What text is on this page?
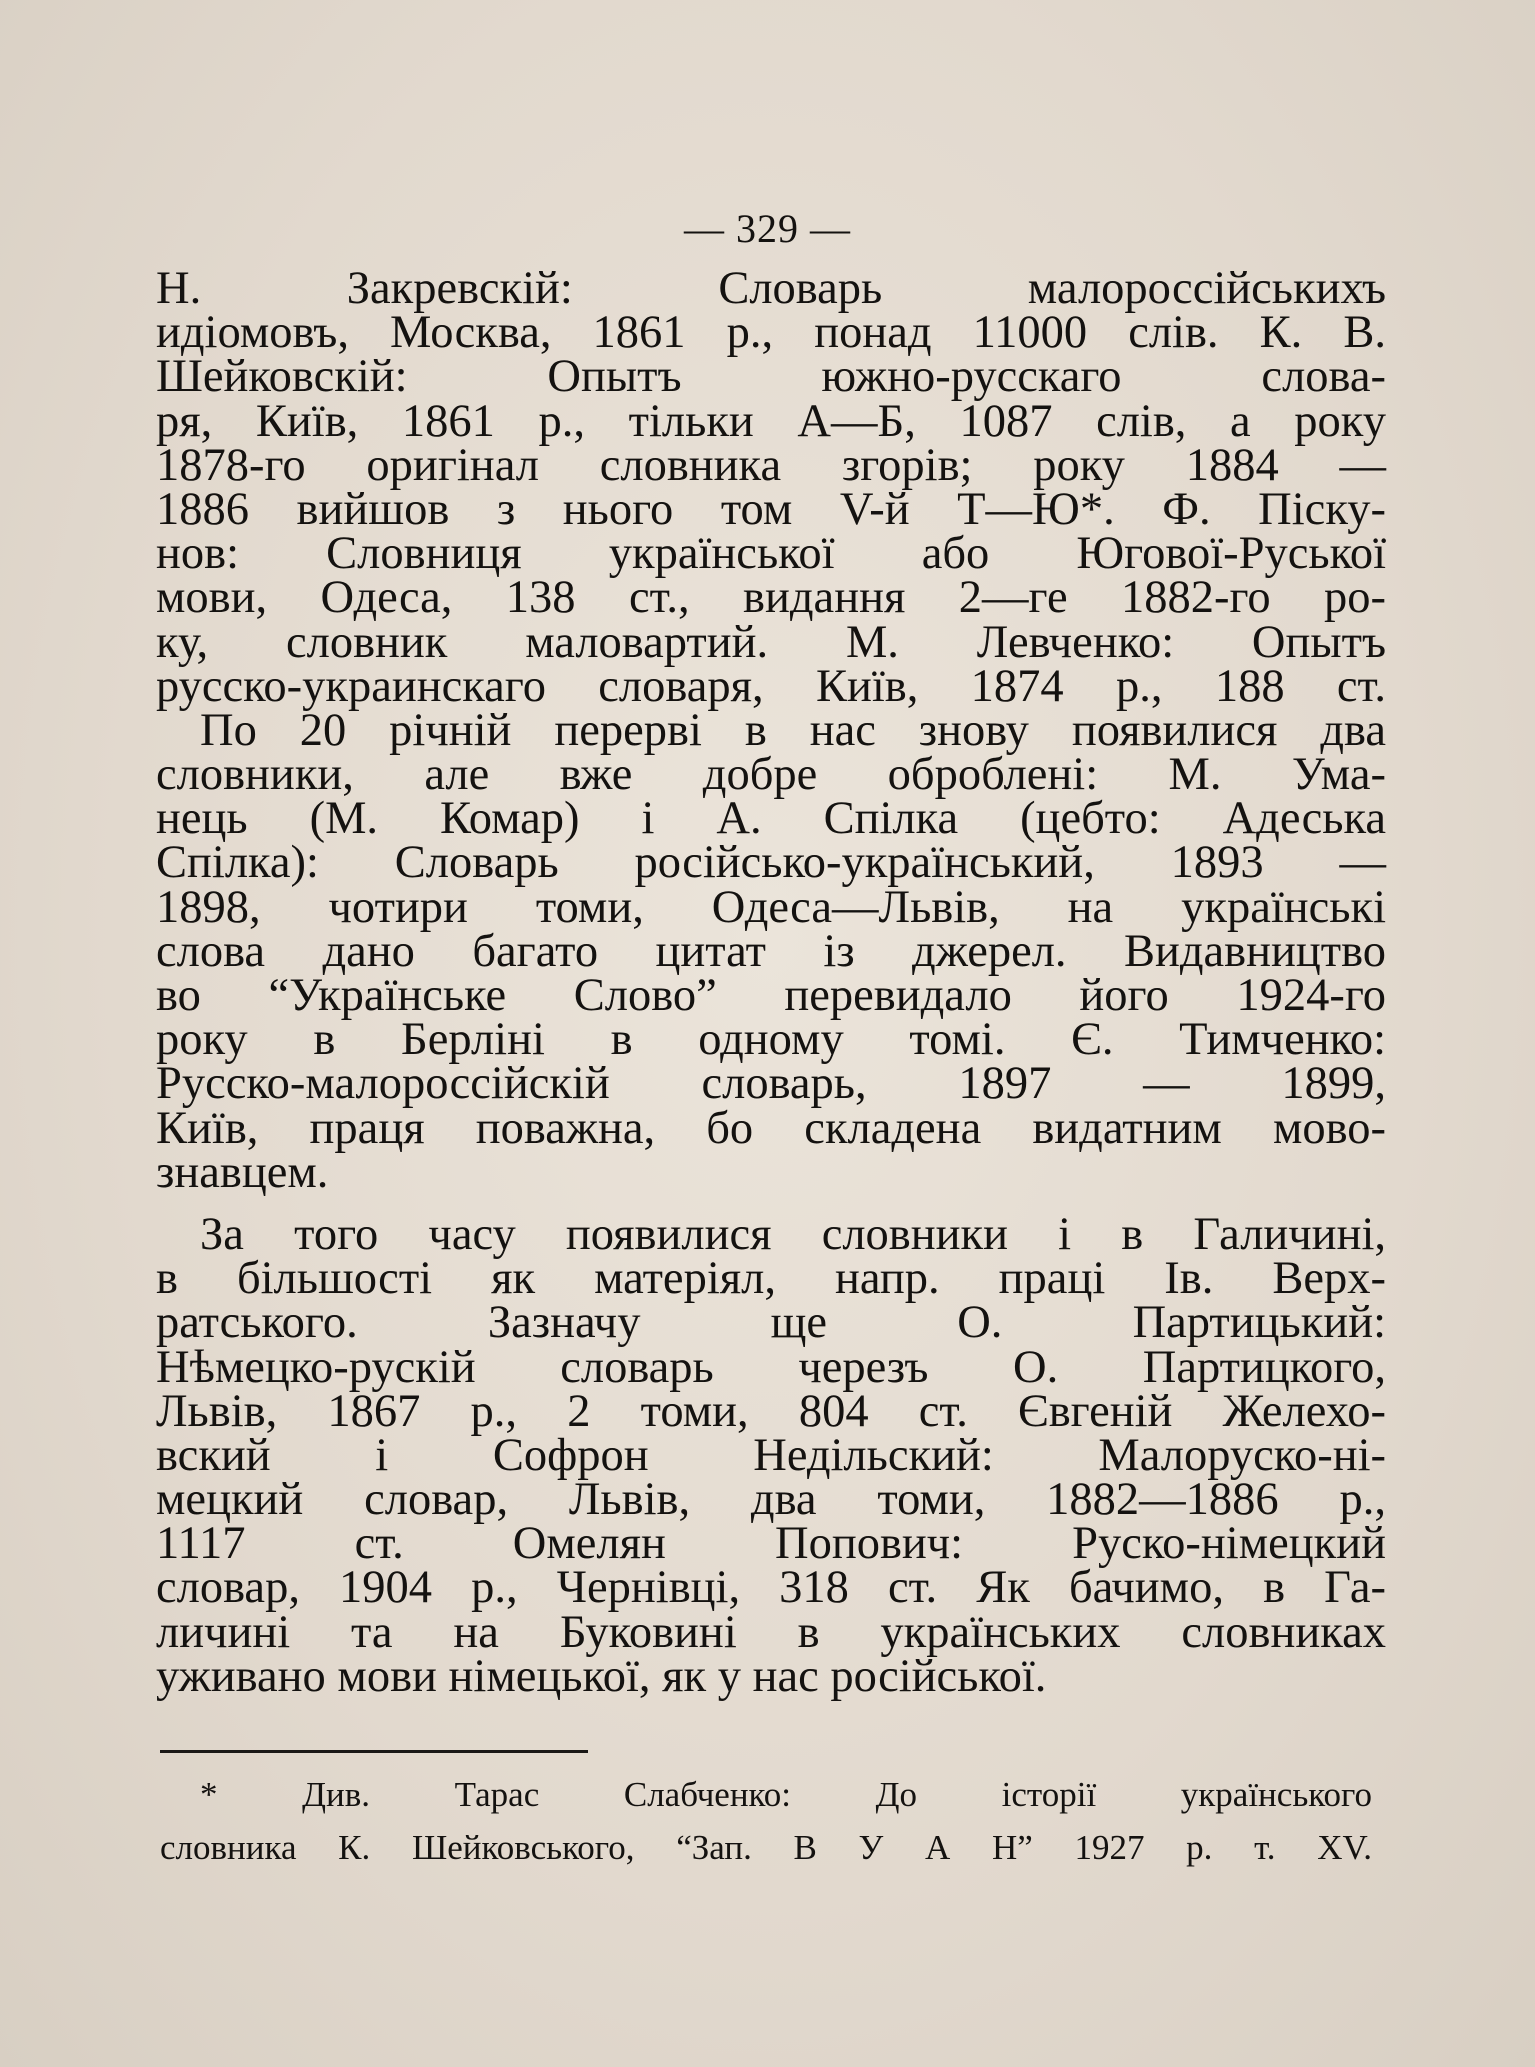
— 329 —
Н. Закревскій: Словарь малороссійськихъ
идіомовъ, Москва, 1861 р., понад 11000 слів. К. В.
Шейковскій: Опытъ южно-русскаго слова-
ря, Київ, 1861 р., тільки А—Б, 1087 слів, а року
1878-го оригінал словника згорів; року 1884 —
1886 вийшов з нього том V-й Т—Ю*. Ф. Піску-
нов: Словниця української або Югової-Руської
мови, Одеса, 138 ст., видання 2—ге 1882-го ро-
ку, словник маловартий. М. Левченко: Опытъ
русско-украинскаго словаря, Київ, 1874 р., 188 ст.
По 20 річній перерві в нас знову появилися два
словники, але вже добре оброблені: М. Ума-
нець (М. Комар) і А. Спілка (цебто: Адеська
Спілка): Словарь російсько-український, 1893 —
1898, чотири томи, Одеса—Львів, на українські
слова дано багато цитат із джерел. Видавництво
во “Українське Слово” перевидало його 1924-го
року в Берліні в одному томі. Є. Тимченко:
Русско-малороссійскій словарь, 1897 — 1899,
Київ, праця поважна, бо складена видатним мово-
знавцем.
За того часу появилися словники і в Галичині,
в більшості як матеріял, напр. праці Ів. Верх-
ратського. Зазначу ще О. Партицький:
Нѣмецко-рускій словарь черезъ О. Партицкого,
Львів, 1867 р., 2 томи, 804 ст. Євгеній Желехо-
вский і Софрон Недільский: Малоруско-ні-
мецкий словар, Львів, два томи, 1882—1886 р.,
1117 ст. Омелян Попович: Руско-німецкий
словар, 1904 р., Чернівці, 318 ст. Як бачимо, в Га-
личині та на Буковині в українських словниках
уживано мови німецької, як у нас російської.
* Див. Тарас Слабченко: До історії українського
словника К. Шейковського, “Зап. В У А Н” 1927 р. т. XV.
